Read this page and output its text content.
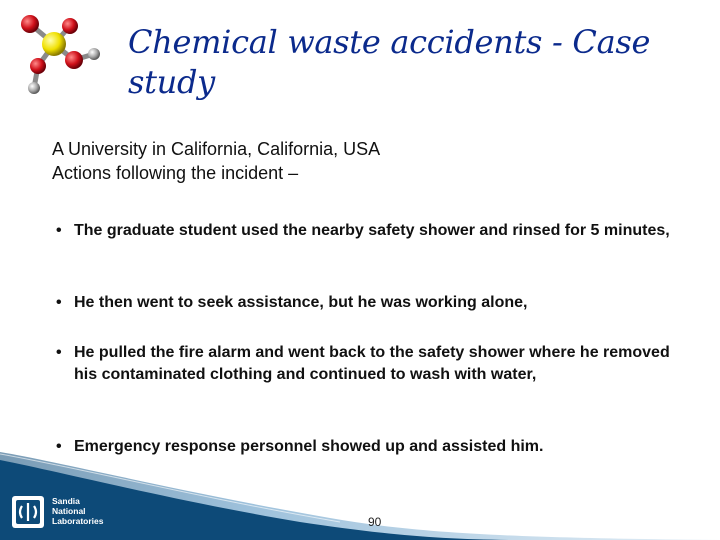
Chemical waste accidents - Case study
A University in California, California, USA
Actions following the incident –
• The graduate student used the nearby safety shower and rinsed for 5 minutes,
• He then went to seek assistance, but he was working alone,
• He pulled the fire alarm and went back to the safety shower where he removed his contaminated clothing and continued to wash with water,
• Emergency response personnel showed up and assisted him.
Sandia
National
Laboratories	90
